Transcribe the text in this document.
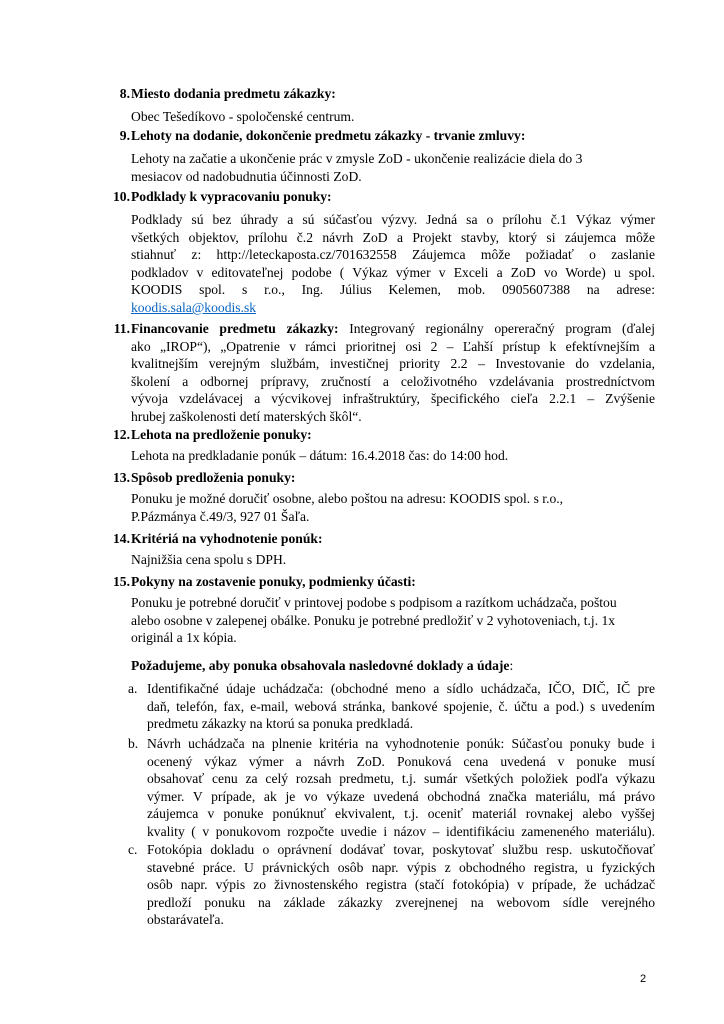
8. Miesto dodania predmetu zákazky:
Obec Tešedíkovo - spoločenské centrum.
9. Lehoty na dodanie, dokončenie predmetu zákazky - trvanie zmluvy:
Lehoty na začatie a ukončenie prác v zmysle ZoD - ukončenie realizácie diela do 3
mesiacov od nadobudnutia účinnosti ZoD.
10. Podklady k vypracovaniu ponuky:
Podklady sú bez úhrady a sú súčasťou výzvy. Jedná sa o prílohu č.1 Výkaz výmer
všetkých objektov, prílohu č.2 návrh ZoD a Projekt stavby, ktorý si záujemca môže
stiahnuť z: http://leteckaposta.cz/701632558 Záujemca môže požiadať o zaslanie
podkladov v editovateľnej podobe ( Výkaz výmer v Exceli a ZoD vo Worde) u spol.
KOODIS spol. s r.o., Ing. Július Kelemen, mob. 0905607388 na adrese:
koodis.sala@koodis.sk
11. Financovanie predmetu zákazky: Integrovaný regionálny opereračný program (ďalej
ako „IROP“), „Opatrenie v rámci prioritnej osi 2 – Ľahší prístup k efektívnejším a
kvalitnejším verejným službám, investičnej priority 2.2 – Investovanie do vzdelania,
školení a odbornej prípravy, zručností a celoživotného vzdelávania prostredníctvom
vývoja vzdelávacej a výcvikovej infraštruktúry, špecifického cieľa 2.2.1 – Zvýšenie
hrubej zaškolenosti detí materských škôl“.
12. Lehota na predloženie ponuky:
Lehota na predkladanie ponúk – dátum: 16.4.2018 čas: do 14:00 hod.
13. Spôsob predloženia ponuky:
Ponuku je možné doručiť osobne, alebo poštou na adresu: KOODIS spol. s r.o.,
P.Pázmánya č.49/3, 927 01 Šaľa.
14. Kritériá na vyhodnotenie ponúk:
Najnižšia cena spolu s DPH.
15. Pokyny na zostavenie ponuky, podmienky účasti:
Ponuku je potrebné doručiť v printovej podobe s podpisom a razítkom uchádzača, poštou
alebo osobne v zalepenej obálke. Ponuku je potrebné predložiť v 2 vyhotoveniach, t.j. 1x
originál a 1x kópia.
Požadujeme, aby ponuka obsahovala nasledovné doklady a údaje:
a. Identifikačné údaje uchádzača: (obchodné meno a sídlo uchádzača, IČO, DIČ, IČ pre
daň, telefón, fax, e-mail, webová stránka, bankové spojenie, č. účtu a pod.) s uvedením
predmetu zákazky na ktorú sa ponuka predkladá.
b. Návrh uchádzača na plnenie kritéria na vyhodnotenie ponúk: Súčasťou ponuky bude i
ocenený výkaz výmer a návrh ZoD. Ponuková cena uvedená v ponuke musí
obsahovať cenu za celý rozsah predmetu, t.j. sumár všetkých položiek podľa výkazu
výmer. V prípade, ak je vo výkaze uvedená obchodná značka materiálu, má právo
záujemca v ponuke ponúknuť ekvivalent, t.j. oceniť materiál rovnakej alebo vyššej
kvality ( v ponukovom rozpočte uvedie i názov – identifikáciu zameneného materiálu).
c. Fotokópia dokladu o oprávnení dodávať tovar, poskytovať službu resp. uskutočňovať
stavebné práce. U právnických osôb napr. výpis z obchodného registra, u fyzických
osôb napr. výpis zo živnostenského registra (stačí fotokópia) v prípade, že uchádzač
predloží ponuku na základe zákazky zverejnenej na webovom sídle verejného
obstarávateľa.
2
